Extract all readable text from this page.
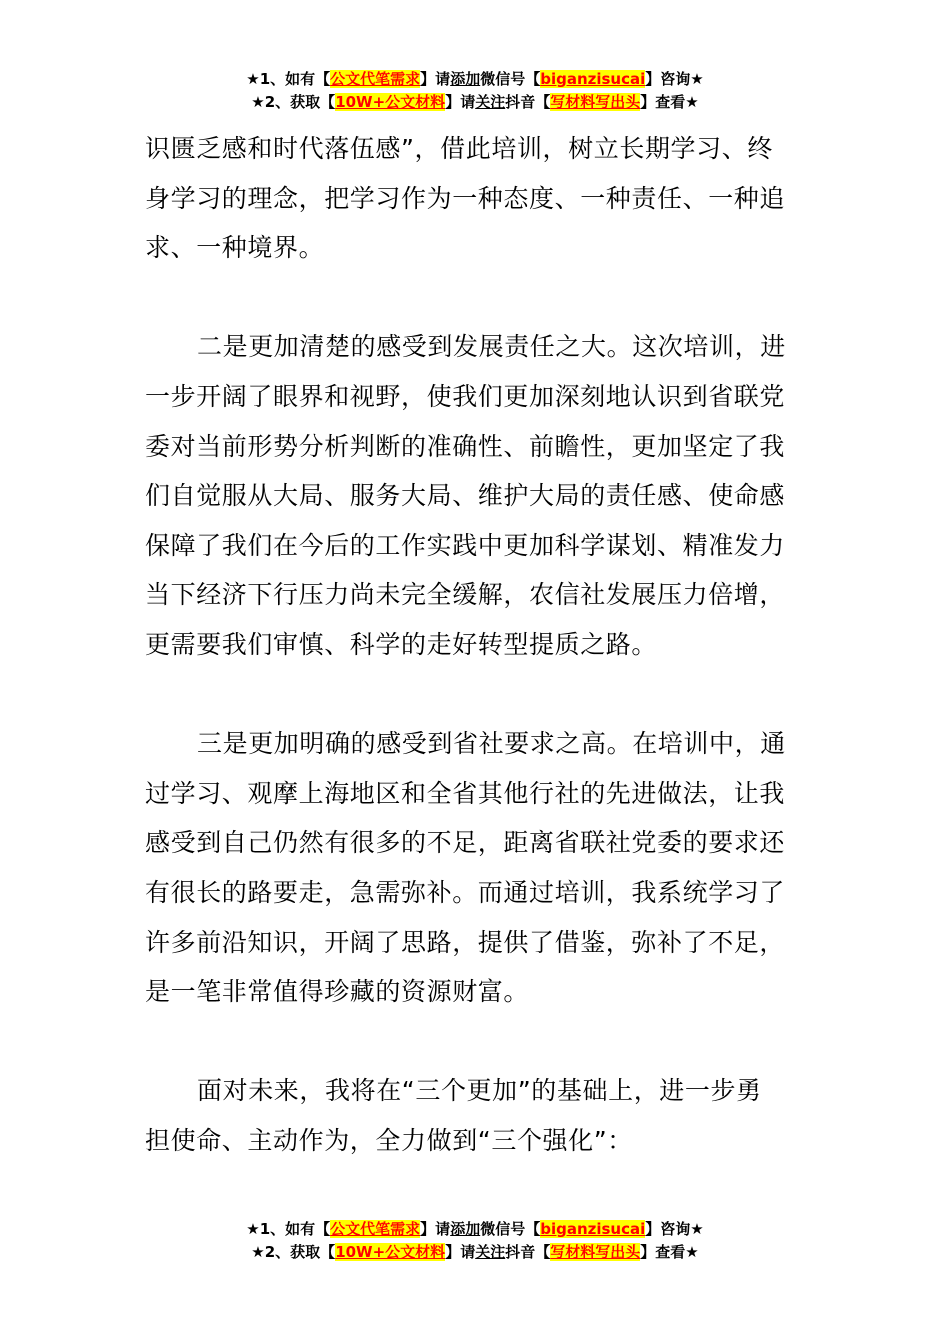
★1、如有【公文代笔需求】请添加微信号【biganzisucai】咨询★
★2、获取【10W+公文材料】请关注抖音【写材料写出头】查看★
识匮乏感和时代落伍感”，借此培训，树立长期学习、终
身学习的理念，把学习作为一种态度、一种责任、一种追
求、一种境界。
二是更加清楚的感受到发展责任之大。这次培训，进
一步开阔了眼界和视野，使我们更加深刻地认识到省联党
委对当前形势分析判断的准确性、前瞻性，更加坚定了我
们自觉服从大局、服务大局、维护大局的责任感、使命感
保障了我们在今后的工作实践中更加科学谋划、精准发力
当下经济下行压力尚未完全缓解，农信社发展压力倍增，
更需要我们审慎、科学的走好转型提质之路。
三是更加明确的感受到省社要求之高。在培训中，通
过学习、观摩上海地区和全省其他行社的先进做法，让我
感受到自己仍然有很多的不足，距离省联社党委的要求还
有很长的路要走，急需弥补。而通过培训，我系统学习了
许多前沿知识，开阔了思路，提供了借鉴，弥补了不足，
是一笔非常值得珍藏的资源财富。
面对未来，我将在“三个更加”的基础上，进一步勇
担使命、主动作为，全力做到“三个强化”：
★1、如有【公文代笔需求】请添加微信号【biganzisucai】咨询★
★2、获取【10W+公文材料】请关注抖音【写材料写出头】查看★
